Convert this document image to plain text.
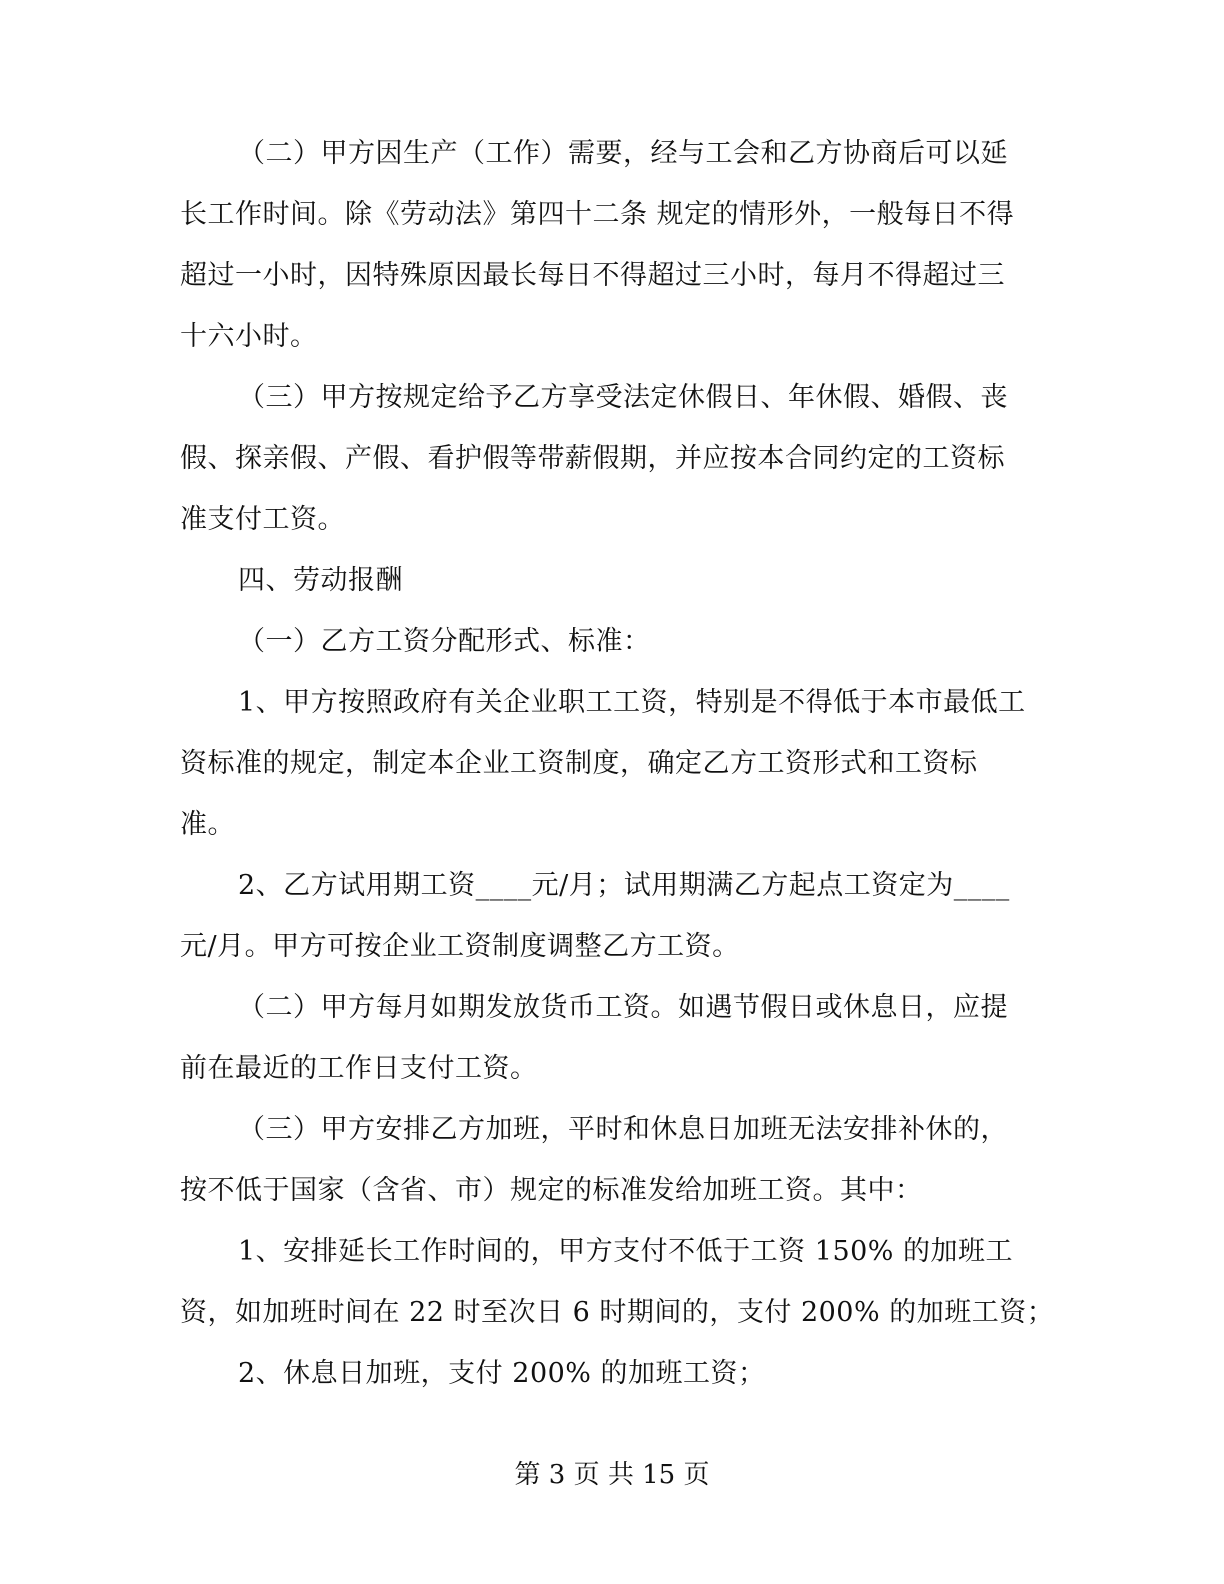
（二）甲方因生产（工作）需要，经与工会和乙方协商后可以延
长工作时间。除《劳动法》第四十二条 规定的情形外，一般每日不得
超过一小时，因特殊原因最长每日不得超过三小时，每月不得超过三
十六小时。
（三）甲方按规定给予乙方享受法定休假日、年休假、婚假、丧
假、探亲假、产假、看护假等带薪假期，并应按本合同约定的工资标
准支付工资。
四、劳动报酬
（一）乙方工资分配形式、标准：
1、甲方按照政府有关企业职工工资，特别是不得低于本市最低工
资标准的规定，制定本企业工资制度，确定乙方工资形式和工资标
准。
2、乙方试用期工资____元/月；试用期满乙方起点工资定为____
元/月。甲方可按企业工资制度调整乙方工资。
（二）甲方每月如期发放货币工资。如遇节假日或休息日，应提
前在最近的工作日支付工资。
（三）甲方安排乙方加班，平时和休息日加班无法安排补休的，
按不低于国家（含省、市）规定的标准发给加班工资。其中：
1、安排延长工作时间的，甲方支付不低于工资 150% 的加班工
资，如加班时间在 22 时至次日 6 时期间的，支付 200% 的加班工资；
2、休息日加班，支付 200% 的加班工资；
第 3 页 共 15 页
